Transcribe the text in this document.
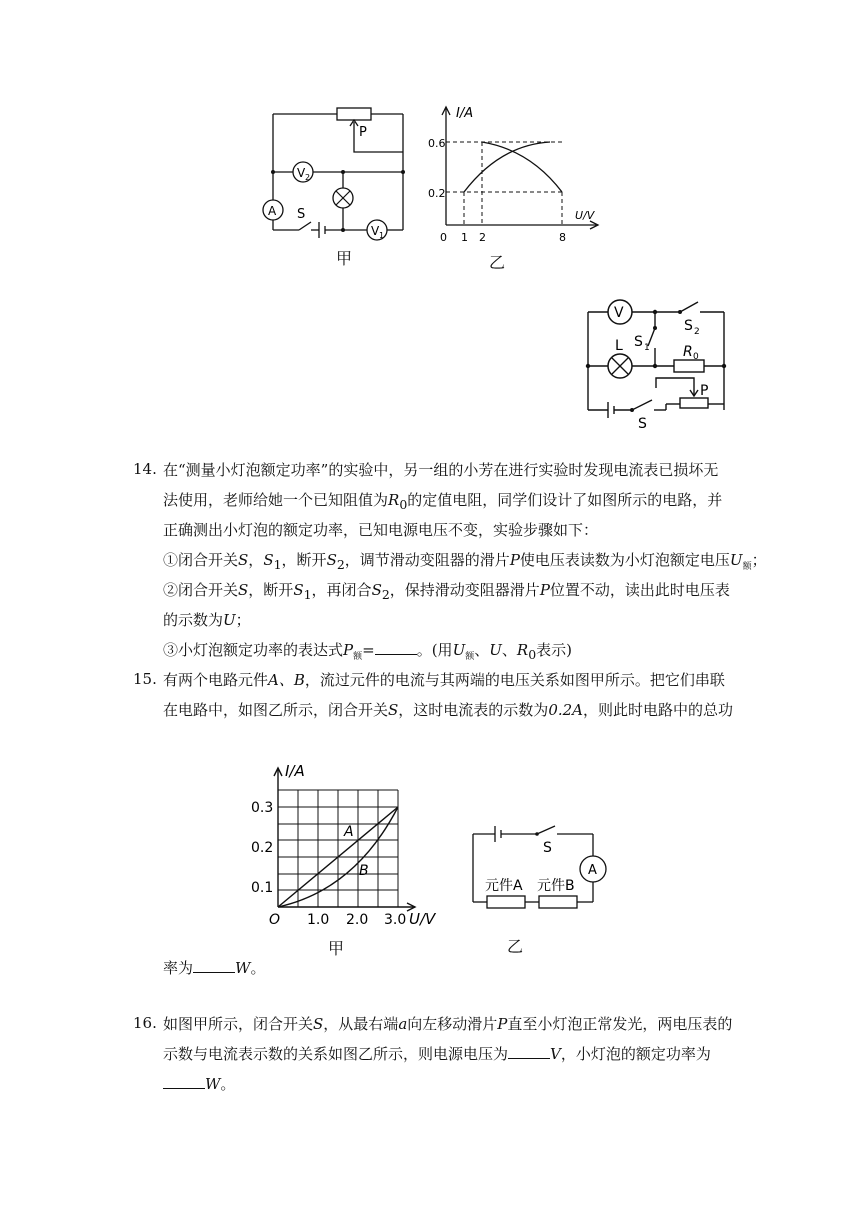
P
V 2
V 1
A S
甲
I/A
U/V
0.6
0.2
0 1 2	8
乙
V
S 2
S 1
L	R 0
P
S
14. 在“测量小灯泡额定功率”的实验中，另一组的小芳在进行实验时发现电流表已损坏无
法使用，老师给她一个已知阻值为$R_0$的定值电阻，同学们设计了如图所示的电路，并
正确测出小灯泡的额定功率，已知电源电压不变，实验步骤如下：
①闭合开关S，$S_1$，断开$S_2$，调节滑动变阻器的滑片P使电压表读数为小灯泡额定电压$U_额$；
②闭合开关S，断开$S_1$，再闭合$S_2$，保持滑动变阻器滑片P位置不动，读出此时电压表
的示数为U；
③小灯泡额定功率的表达式$P_额=$	。(用$U_额$、U、$R_0$表示)
15. 有两个电路元件A、B，流过元件的电流与其两端的电压关系如图甲所示。把它们串联
在电路中，如图乙所示，闭合开关S，这时电流表的示数为0.2A，则此时电路中的总功
I/A
U/V
0.3
0.2
0.1
O 1.0 2.0 3.0
A
B
甲
S
A
元件A 元件B
乙
率为	W。
16. 如图甲所示，闭合开关S，从最右端a向左移动滑片P直至小灯泡正常发光，两电压表的
示数与电流表示数的关系如图乙所示，则电源电压为	V，小灯泡的额定功率为
W。
